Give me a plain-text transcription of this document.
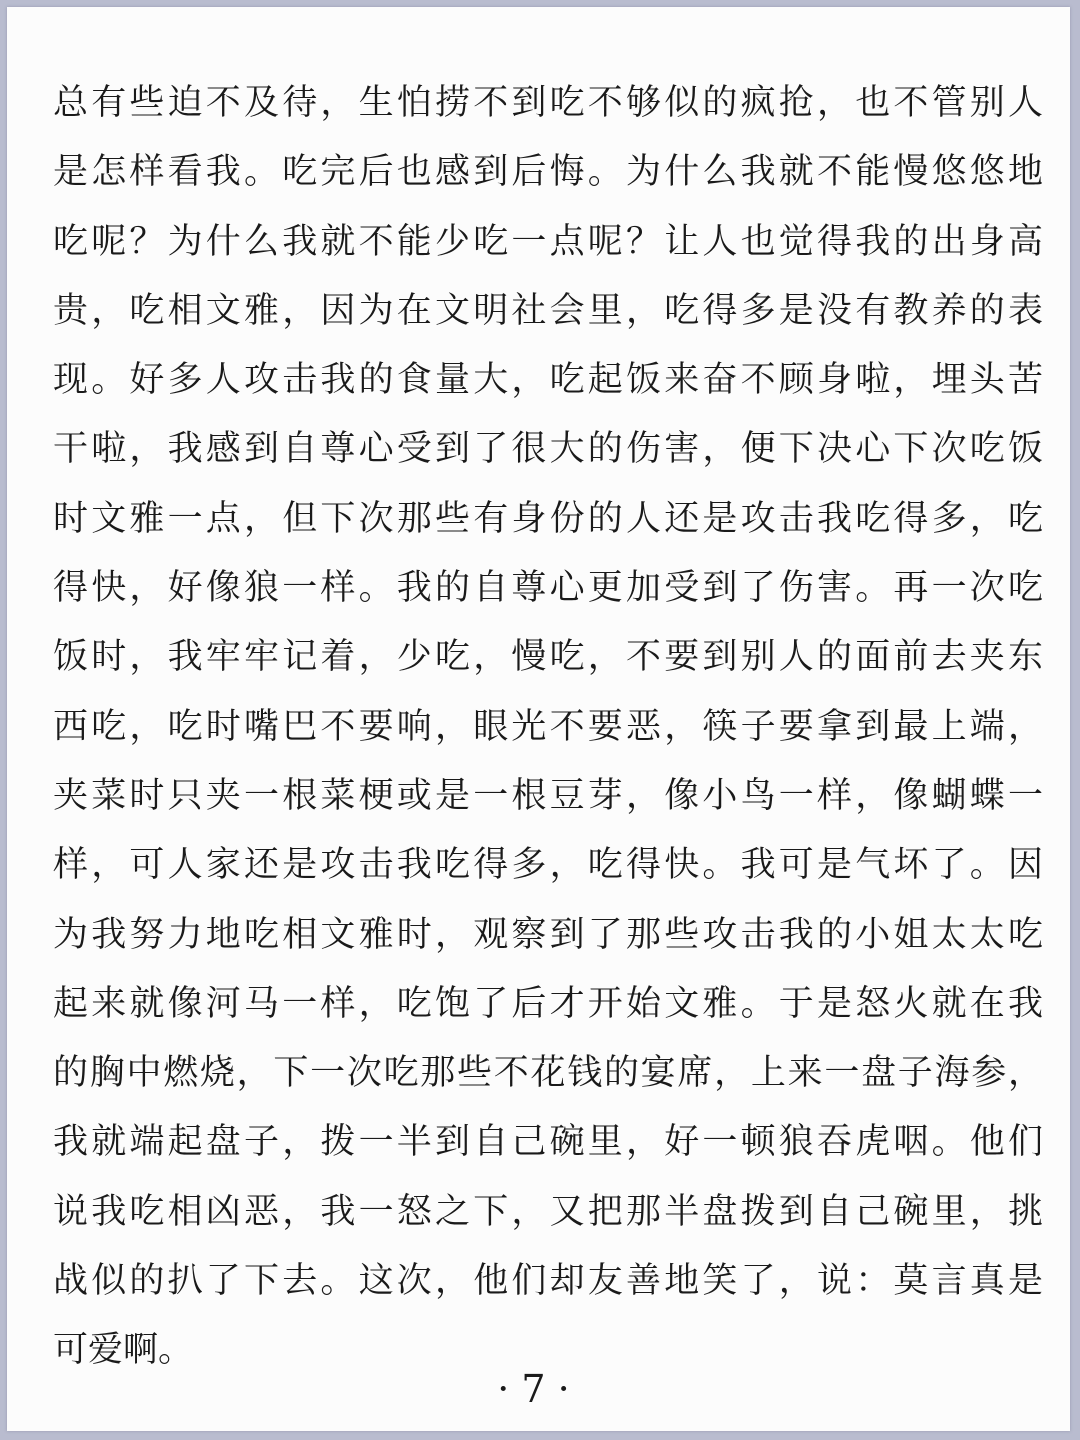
总有些迫不及待，生怕捞不到吃不够似的疯抢，也不管别人
是怎样看我。吃完后也感到后悔。为什么我就不能慢悠悠地
吃呢？为什么我就不能少吃一点呢？让人也觉得我的出身高
贵，吃相文雅，因为在文明社会里，吃得多是没有教养的表
现。好多人攻击我的食量大，吃起饭来奋不顾身啦，埋头苦
干啦，我感到自尊心受到了很大的伤害，便下决心下次吃饭
时文雅一点，但下次那些有身份的人还是攻击我吃得多，吃
得快，好像狼一样。我的自尊心更加受到了伤害。再一次吃
饭时，我牢牢记着，少吃，慢吃，不要到别人的面前去夹东
西吃，吃时嘴巴不要响，眼光不要恶，筷子要拿到最上端，
夹菜时只夹一根菜梗或是一根豆芽，像小鸟一样，像蝴蝶一
样，可人家还是攻击我吃得多，吃得快。我可是气坏了。因
为我努力地吃相文雅时，观察到了那些攻击我的小姐太太吃
起来就像河马一样，吃饱了后才开始文雅。于是怒火就在我
的胸中燃烧，下一次吃那些不花钱的宴席，上来一盘子海参，
我就端起盘子，拨一半到自己碗里，好一顿狼吞虎咽。他们
说我吃相凶恶，我一怒之下，又把那半盘拨到自己碗里，挑
战似的扒了下去。这次，他们却友善地笑了，说：莫言真是
可爱啊。
· 7 ·
